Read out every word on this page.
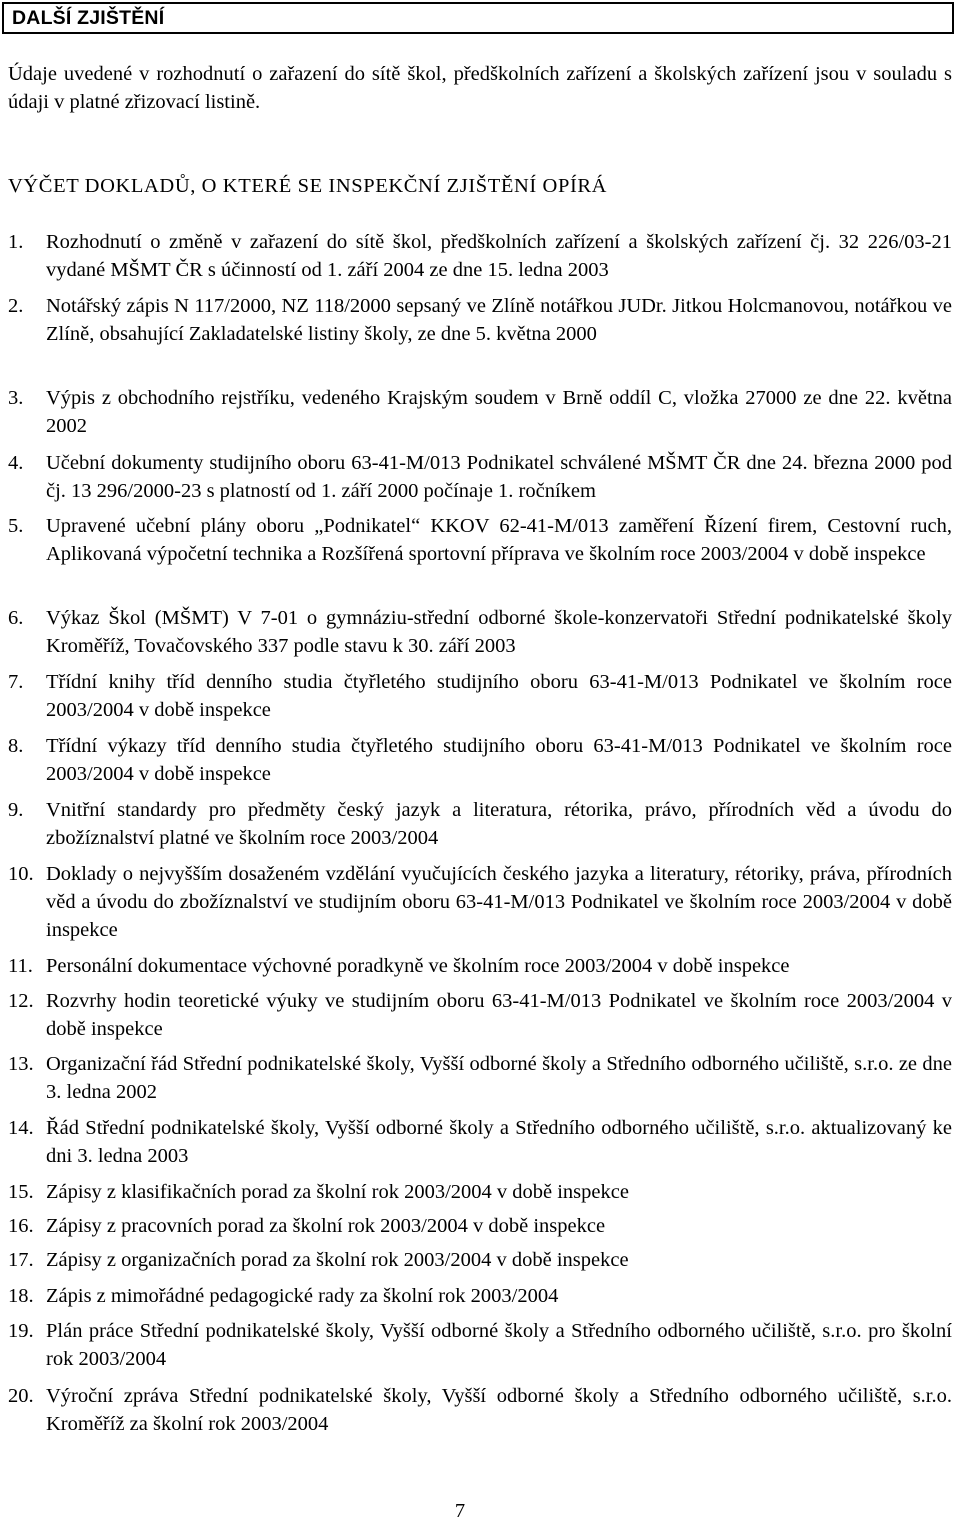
DALŠÍ ZJIŠTĚNÍ
Údaje uvedené v rozhodnutí o zařazení do sítě škol, předškolních zařízení a školských zařízení jsou v souladu s údaji v platné zřizovací listině.
VÝČET DOKLADŮ, O KTERÉ SE INSPEKČNÍ ZJIŠTĚNÍ OPÍRÁ
1. Rozhodnutí o změně v zařazení do sítě škol, předškolních zařízení a školských zařízení čj. 32 226/03-21 vydané MŠMT ČR s účinností od 1. září 2004 ze dne 15. ledna 2003
2. Notářský zápis N 117/2000, NZ 118/2000 sepsaný ve Zlíně notářkou JUDr. Jitkou Holcmanovou, notářkou ve Zlíně, obsahující Zakladatelské listiny školy, ze dne 5. května 2000
3. Výpis z obchodního rejstříku, vedeného Krajským soudem v Brně oddíl C, vložka 27000 ze dne 22. května 2002
4. Učební dokumenty studijního oboru 63-41-M/013 Podnikatel schválené MŠMT ČR dne 24. března 2000 pod čj. 13 296/2000-23 s platností od 1. září 2000 počínaje 1. ročníkem
5. Upravené učební plány oboru „Podnikatel“ KKOV 62-41-M/013 zaměření Řízení firem, Cestovní ruch, Aplikovaná výpočetní technika a Rozšířená sportovní příprava ve školním roce 2003/2004 v době inspekce
6. Výkaz Škol (MŠMT) V 7-01 o gymnáziu-střední odborné škole-konzervatoři Střední podnikatelské školy Kroměříž, Tovačovského 337 podle stavu k 30. září 2003
7. Třídní knihy tříd denního studia čtyřletého studijního oboru 63-41-M/013 Podnikatel ve školním roce 2003/2004 v době inspekce
8. Třídní výkazy tříd denního studia čtyřletého studijního oboru 63-41-M/013 Podnikatel ve školním roce 2003/2004 v době inspekce
9. Vnitřní standardy pro předměty český jazyk a literatura, rétorika, právo, přírodních věd a úvodu do zbožíznalství platné ve školním roce 2003/2004
10. Doklady o nejvyšším dosaženém vzdělání vyučujících českého jazyka a literatury, rétoriky, práva, přírodních věd a úvodu do zbožíznalství ve studijním oboru 63-41-M/013 Podnikatel ve školním roce 2003/2004 v době inspekce
11. Personální dokumentace výchovné poradkyně ve školním roce 2003/2004 v době inspekce
12. Rozvrhy hodin teoretické výuky ve studijním oboru 63-41-M/013 Podnikatel ve školním roce 2003/2004 v době inspekce
13. Organizační řád Střední podnikatelské školy, Vyšší odborné školy a Středního odborného učiliště, s.r.o. ze dne 3. ledna 2002
14. Řád Střední podnikatelské školy, Vyšší odborné školy a Středního odborného učiliště, s.r.o. aktualizovaný ke dni 3. ledna 2003
15. Zápisy z klasifikačních porad za školní rok 2003/2004 v době inspekce
16. Zápisy z pracovních porad za školní rok 2003/2004 v době inspekce
17. Zápisy z organizačních porad za školní rok 2003/2004 v době inspekce
18. Zápis z mimořádné pedagogické rady za školní rok 2003/2004
19. Plán práce Střední podnikatelské školy, Vyšší odborné školy a Středního odborného učiliště, s.r.o. pro školní rok 2003/2004
20. Výroční zpráva Střední podnikatelské školy, Vyšší odborné školy a Středního odborného učiliště, s.r.o. Kroměříž za školní rok 2003/2004
7
